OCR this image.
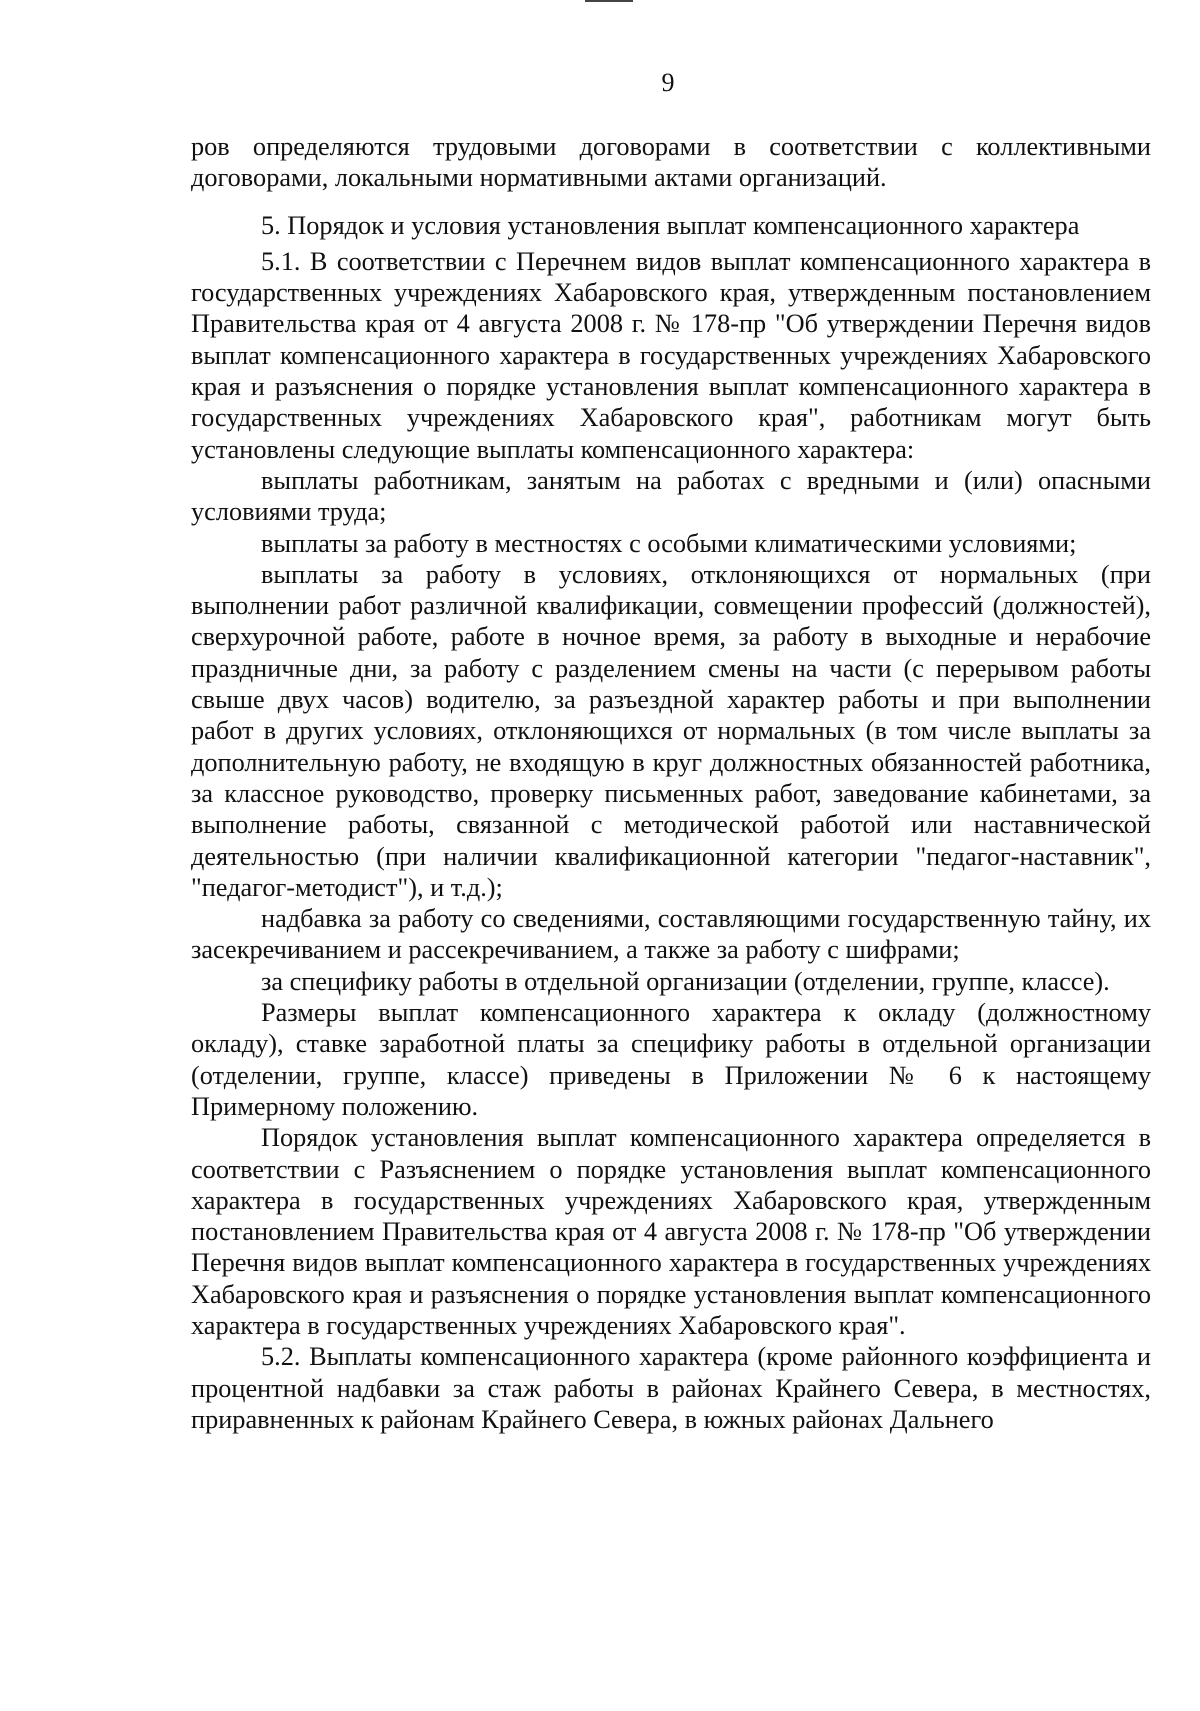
9

ров определяются трудовыми договорами в соответствии с коллективными договорами, локальными нормативными актами организаций.

5. Порядок и условия установления выплат компенсационного характера

5.1. В соответствии с Перечнем видов выплат компенсационного характера в государственных учреждениях Хабаровского края, утвержденным постановлением Правительства края от 4 августа 2008 г. № 178-пр "Об утверждении Перечня видов выплат компенсационного характера в государственных учреждениях Хабаровского края и разъяснения о порядке установления выплат компенсационного характера в государственных учреждениях Хабаровского края", работникам могут быть установлены следующие выплаты компенсационного характера:

выплаты работникам, занятым на работах с вредными и (или) опасными условиями труда;

выплаты за работу в местностях с особыми климатическими условиями;

выплаты за работу в условиях, отклоняющихся от нормальных (при выполнении работ различной квалификации, совмещении профессий (должностей), сверхурочной работе, работе в ночное время, за работу в выходные и нерабочие праздничные дни, за работу с разделением смены на части (с перерывом работы свыше двух часов) водителю, за разъездной характер работы и при выполнении работ в других условиях, отклоняющихся от нормальных (в том числе выплаты за дополнительную работу, не входящую в круг должностных обязанностей работника, за классное руководство, проверку письменных работ, заведование кабинетами, за выполнение работы, связанной с методической работой или наставнической деятельностью (при наличии квалификационной категории "педагог-наставник", "педагог-методист"), и т.д.);

надбавка за работу со сведениями, составляющими государственную тайну, их засекречиванием и рассекречиванием, а также за работу с шифрами;

за специфику работы в отдельной организации (отделении, группе, классе).

Размеры выплат компенсационного характера к окладу (должностному окладу), ставке заработной платы за специфику работы в отдельной организации (отделении, группе, классе) приведены в Приложении № 6 к настоящему Примерному положению.

Порядок установления выплат компенсационного характера определяется в соответствии с Разъяснением о порядке установления выплат компенсационного характера в государственных учреждениях Хабаровского края, утвержденным постановлением Правительства края от 4 августа 2008 г. № 178-пр "Об утверждении Перечня видов выплат компенсационного характера в государственных учреждениях Хабаровского края и разъяснения о порядке установления выплат компенсационного характера в государственных учреждениях Хабаровского края".

5.2. Выплаты компенсационного характера (кроме районного коэффициента и процентной надбавки за стаж работы в районах Крайнего Севера, в местностях, приравненных к районам Крайнего Севера, в южных районах Дальнего
